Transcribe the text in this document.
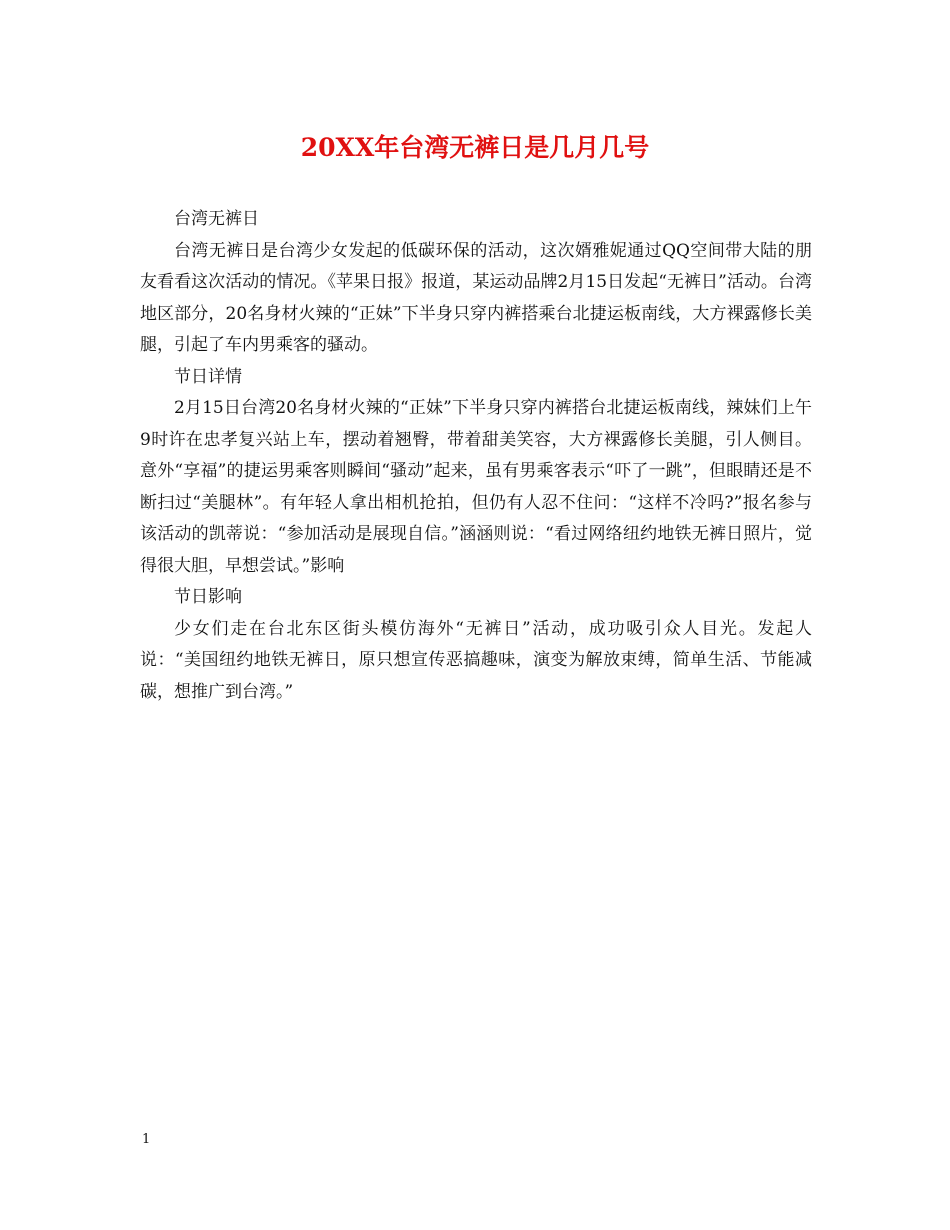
20XX年台湾无裤日是几月几号

台湾无裤日

台湾无裤日是台湾少女发起的低碳环保的活动，这次婿雅妮通过QQ空间带大陆的朋友看看这次活动的情况。《苹果日报》报道，某运动品牌2月15日发起“无裤日”活动。台湾地区部分，20名身材火辣的“正妹”下半身只穿内裤搭乘台北捷运板南线，大方裸露修长美腿，引起了车内男乘客的骚动。

节日详情

2月15日台湾20名身材火辣的“正妹”下半身只穿内裤搭台北捷运板南线，辣妹们上午9时许在忠孝复兴站上车，摆动着翘臀，带着甜美笑容，大方裸露修长美腿，引人侧目。意外“享福”的捷运男乘客则瞬间“骚动”起来，虽有男乘客表示“吓了一跳”，但眼睛还是不断扫过“美腿林”。有年轻人拿出相机抢拍，但仍有人忍不住问：“这样不冷吗?”报名参与该活动的凯蒂说：“参加活动是展现自信。”涵涵则说：“看过网络纽约地铁无裤日照片，觉得很大胆，早想尝试。”影响

节日影响

少女们走在台北东区街头模仿海外“无裤日”活动，成功吸引众人目光。发起人说：“美国纽约地铁无裤日，原只想宣传恶搞趣味，演变为解放束缚，简单生活、节能减碳，想推广到台湾。”

1
